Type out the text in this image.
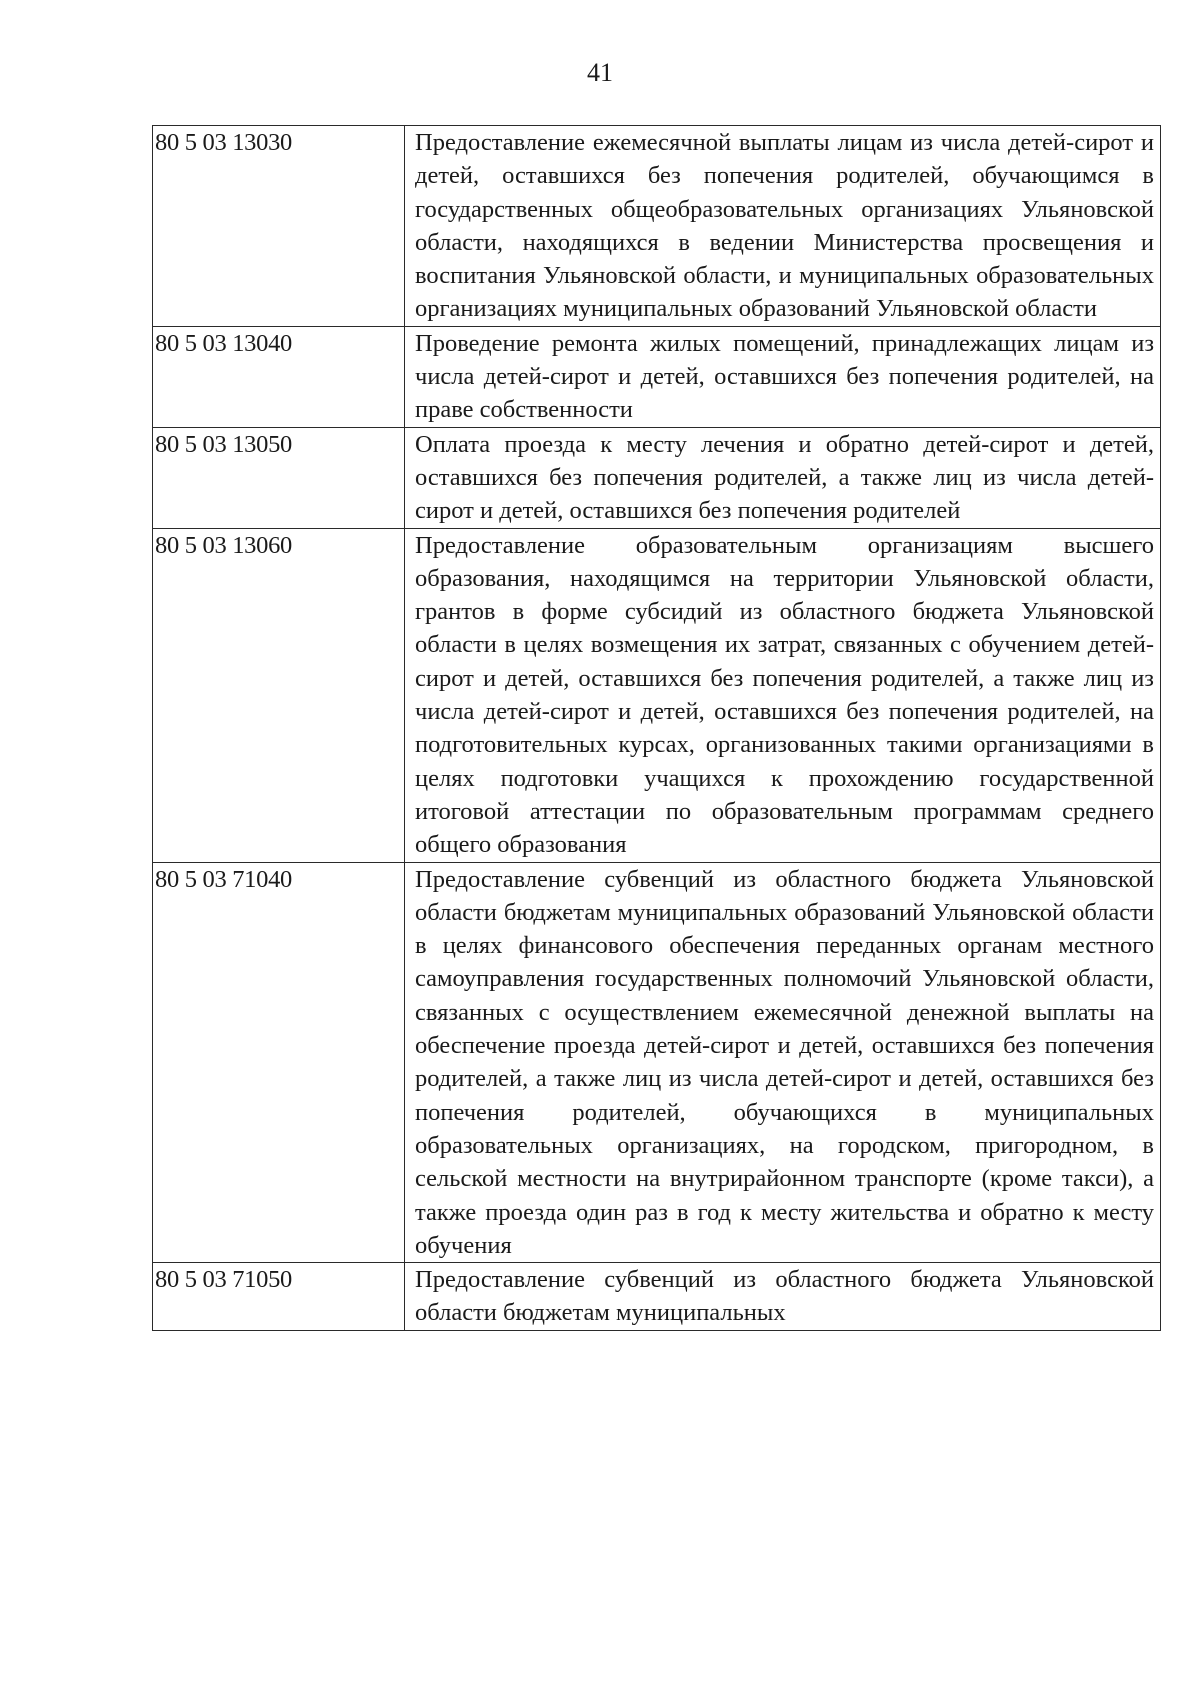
41
80 5 03 13030	Предоставление ежемесячной выплаты лицам из числа детей-сирот и детей, оставшихся без попечения родителей, обучающимся в государственных общеобразовательных организациях Ульяновской области, находящихся в ведении Министерства просвещения и воспитания Ульяновской области, и муниципальных образовательных организациях муниципальных образований Ульяновской области
80 5 03 13040	Проведение ремонта жилых помещений, принадлежащих лицам из числа детей-сирот и детей, оставшихся без попечения родителей, на праве собственности
80 5 03 13050	Оплата проезда к месту лечения и обратно детей-сирот и детей, оставшихся без попечения родителей, а также лиц из числа детей-сирот и детей, оставшихся без попечения родителей
80 5 03 13060	Предоставление образовательным организациям высшего образования, находящимся на территории Ульяновской области, грантов в форме субсидий из областного бюджета Ульяновской области в целях возмещения их затрат, связанных с обучением детей-сирот и детей, оставшихся без попечения родителей, а также лиц из числа детей-сирот и детей, оставшихся без попечения родителей, на подготовительных курсах, организованных такими организациями в целях подготовки учащихся к прохождению государственной итоговой аттестации по образовательным программам среднего общего образования
80 5 03 71040	Предоставление субвенций из областного бюджета Ульяновской области бюджетам муниципальных образований Ульяновской области в целях финансового обеспечения переданных органам местного самоуправления государственных полномочий Ульяновской области, связанных с осуществлением ежемесячной денежной выплаты на обеспечение проезда детей-сирот и детей, оставшихся без попечения родителей, а также лиц из числа детей-сирот и детей, оставшихся без попечения родителей, обучающихся в муниципальных образовательных организациях, на городском, пригородном, в сельской местности на внутрирайонном транспорте (кроме такси), а также проезда один раз в год к месту жительства и обратно к месту обучения
80 5 03 71050	Предоставление субвенций из областного бюджета Ульяновской области бюджетам муниципальных
